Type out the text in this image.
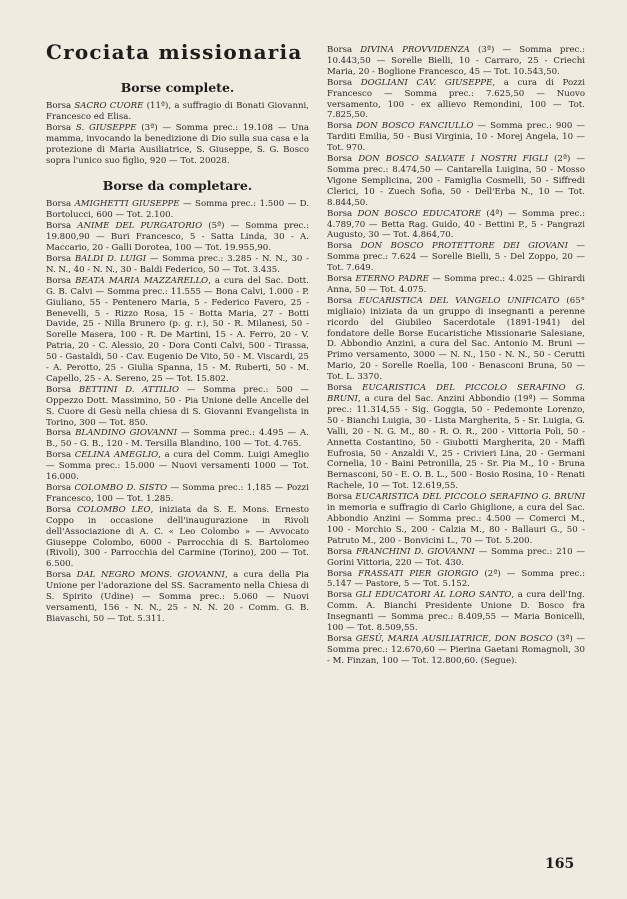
Crociata missionaria
Borse complete.

Borsa SACRO CUORE (11ª), a suffragio di Bonati Giovanni, Francesco ed Elisa.

Borsa S. GIUSEPPE (3ª) — Somma prec.: 19.108 — Una mamma, invocando la benedizione di Dio sulla sua casa e la protezione di Maria Ausiliatrice, S. Giuseppe, S. G. Bosco sopra l'unico suo figlio, 920 — Tot. 20028.

Borse da completare.

Borsa AMIGHETTI GIUSEPPE — Somma prec.: 1.500 — D. Bortolucci, 600 — Tot. 2.100.

Borsa ANIME DEL PURGATORIO (5ª) — Somma prec.: 19.800,90 — Buri Francesco, 5 - Satta Linda, 30 - A. Maccario, 20 - Galli Dorotea, 100 — Tot. 19.955,90.

Borsa BALDI D. LUIGI — Somma prec.: 3.285 - N. N., 30 - N. N., 40 - N. N., 30 - Baldi Federico, 50 — Tot. 3.435.

Borsa BEATA MARIA MAZZARELLO, a cura del Sac. Dott. G. B. Calvi — Somma prec.: 11.555 — Bona Calvi, 1.000 - P. Giuliano, 55 - Pentenero Maria, 5 - Federico Favero, 25 - Benevelli, 5 - Rizzo Rosa, 15 - Botta Maria, 27 - Botti Davide, 25 - Nilla Brunero (p. g. r.), 50 - R. Milanesi, 50 - Sorelle Masera, 100 - R. De Martini, 15 - A. Ferro, 20 - V. Patria, 20 - C. Alessio, 20 - Dora Conti Calvi, 500 - Tirassa, 50 - Gastaldi, 50 - Cav. Eugenio De Vito, 50 - M. Viscardi, 25 - A. Perotto, 25 - Giulia Spanna, 15 - M. Ruberti, 50 - M. Capello, 25 - A. Sereno, 25 — Tot. 15.802.

Borsa BETTINI D. ATTILIO — Somma prec.: 500 — Oppezzo Dott. Massimino, 50 - Pia Unione delle Ancelle del S. Cuore di Gesù nella chiesa di S. Giovanni Evangelista in Torino, 300 — Tot. 850.

Borsa BLANDINO GIOVANNI — Somma prec.: 4.495 — A. B., 50 - G. B., 120 - M. Tersilla Blandino, 100 — Tot. 4.765.

Borsa CELINA AMEGLIO, a cura del Comm. Luigi Ameglio — Somma prec.: 15.000 — Nuovi versamenti 1000 — Tot. 16.000.

Borsa COLOMBO D. SISTO — Somma prec.: 1.185 — Pozzi Francesco, 100 — Tot. 1.285.

Borsa COLOMBO LEO, iniziata da S. E. Mons. Ernesto Coppo in occasione dell'inaugurazione in Rivoli dell'Associazione di A. C. « Leo Colombo » — Avvocato Giuseppe Colombo, 6000 - Parrocchia di S. Bartolomeo (Rivoli), 300 - Parrocchia del Carmine (Torino), 200 — Tot. 6.500.

Borsa DAL NEGRO MONS. GIOVANNI, a cura della Pia Unione per l'adorazione del SS. Sacramento nella Chiesa di S. Spirito (Udine) — Somma prec.: 5.060 — Nuovi versamenti, 156 - N. N., 25 - N. N. 20 - Comm. G. B. Biavaschi, 50 — Tot. 5.311.

Borsa DIVINA PROVVIDENZA (3ª) — Somma prec.: 10.443,50 — Sorelle Bielli, 10 - Carraro, 25 - Criechi Maria, 20 - Boglione Francesco, 45 — Tot. 10.543,50.

Borsa DOGLIANI CAV. GIUSEPPE, a cura di Pozzi Francesco — Somma prec.: 7.625,50 — Nuovo versamento, 100 - ex allievo Remondini, 100 — Tot. 7.825,50.

Borsa DON BOSCO FANCIULLO — Somma prec.: 900 — Tarditi Emilia, 50 - Busi Virginia, 10 - Morej Angela, 10 — Tot. 970.

Borsa DON BOSCO SALVATE I NOSTRI FIGLI (2ª) — Somma prec.: 8.474,50 — Cantarella Luigina, 50 - Mosso Vigone Semplicina, 200 - Famiglia Cosmelli, 50 - Siffredi Clerici, 10 - Zuech Sofia, 50 - Dell'Erba N., 10 — Tot. 8.844,50.

Borsa DON BOSCO EDUCATORE (4ª) — Somma prec.: 4.789,70 — Betta Rag. Guido, 40 - Bettini P., 5 - Pangrazi Augusto, 30 — Tot. 4.864,70.

Borsa DON BOSCO PROTETTORE DEI GIOVANI — Somma prec.: 7.624 — Sorelle Bielli, 5 - Del Zoppo, 20 — Tot. 7.649.

Borsa ETERNO PADRE — Somma prec.: 4.025 — Ghirardi Anna, 50 — Tot. 4.075.

Borsa EUCARISTICA DEL VANGELO UNIFICATO (65° migliaio) iniziata da un gruppo di insegnanti a perenne ricordo del Giubileo Sacerdotale (1891-1941) del fondatore delle Borse Eucaristiche Missionarie Salesiane, D. Abbondio Anzini, a cura del Sac. Antonio M. Bruni — Primo versamento, 3000 — N. N., 150 - N. N., 50 - Cerutti Mario, 20 - Sorelle Roella, 100 - Benasconi Bruna, 50 — Tot. L. 3370.

Borsa EUCARISTICA DEL PICCOLO SERAFINO G. BRUNI, a cura del Sac. Anzini Abbondio (19ª) — Somma prec.: 11.314,55 - Sig. Goggia, 50 - Pedemonte Lorenzo, 50 - Bianchi Luigia, 30 - Lista Margherita, 5 - Sr. Luigia, G. Valli, 20 - N. G. M., 80 - R. O. R., 200 - Vittoria Poli, 50 - Annetta Costantino, 50 - Giubotti Margherita, 20 - Maffi Eufrosia, 50 - Anzaldi V., 25 - Crivieri Lina, 20 - Germani Cornelia, 10 - Baini Petronilla, 25 - Sr. Pia M., 10 - Bruna Bernasconi, 50 - E. O. B. L., 500 - Bosio Rosina, 10 - Renati Rachele, 10 — Tot. 12.619,55.

Borsa EUCARISTICA DEL PICCOLO SERAFINO G. BRUNI in memoria e suffragio di Carlo Ghiglione, a cura del Sac. Abbondio Anzini — Somma prec.: 4.500 — Comerci M., 100 - Morchio S., 200 - Calzia M., 80 - Ballauri G., 50 - Patruto M., 200 - Bonvicini L., 70 — Tot. 5.200.

Borsa FRANCHINI D. GIOVANNI — Somma prec.: 210 — Gorini Vittoria, 220 — Tot. 430.

Borsa FRASSATI PIER GIORGIO (2ª) — Somma prec.: 5.147 — Pastore, 5 — Tot. 5.152.

Borsa GLI EDUCATORI AL LORO SANTO, a cura dell'Ing. Comm. A. Bianchi Presidente Unione D. Bosco fra Insegnanti — Somma prec.: 8.409,55 — Maria Bonicelli, 100 — Tot. 8.509,55.

Borsa GESÙ, MARIA AUSILIATRICE, DON BOSCO (3ª) — Somma prec.: 12.670,60 — Pierina Gaetani Romagnoli, 30 - M. Finzan, 100 — Tot. 12.800,60. (Segue).

165
